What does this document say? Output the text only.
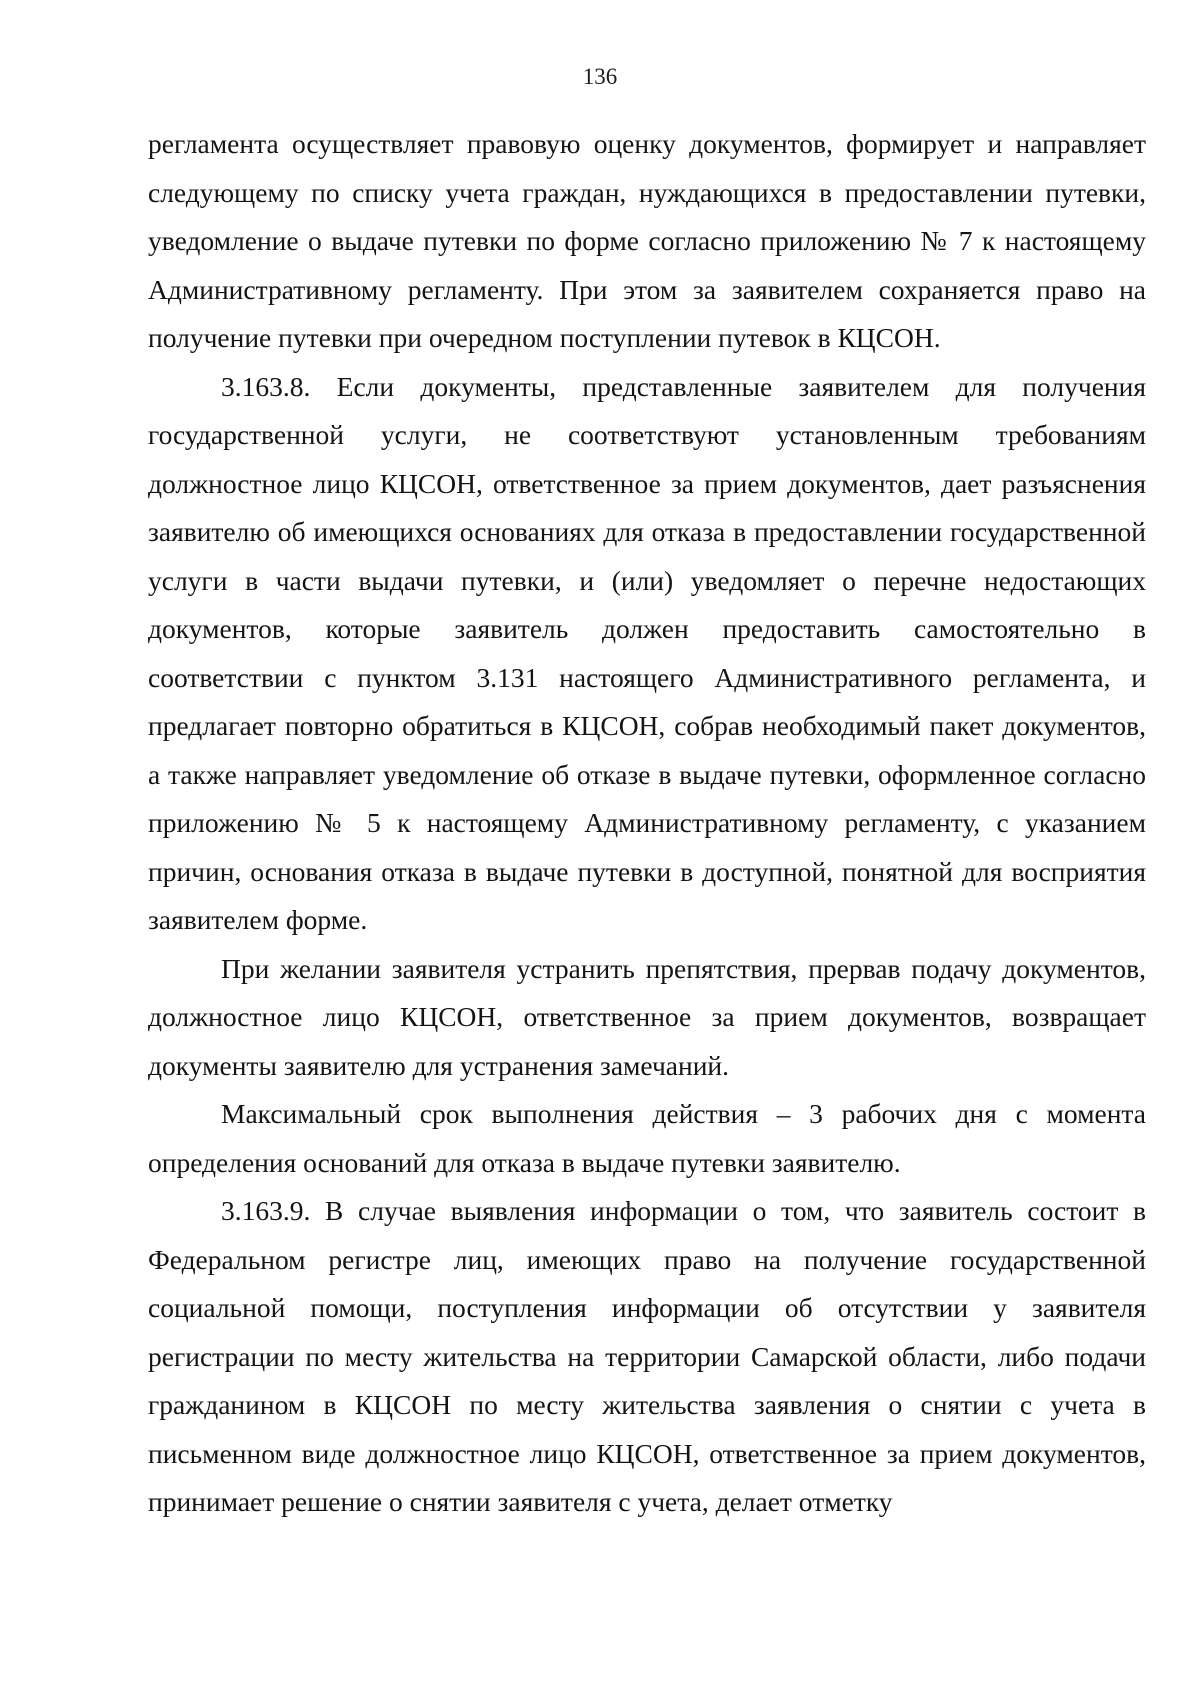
136

регламента осуществляет правовую оценку документов, формирует и направляет следующему по списку учета граждан, нуждающихся в предоставлении путевки, уведомление о выдаче путевки по форме согласно приложению № 7 к настоящему Административному регламенту. При этом за заявителем сохраняется право на получение путевки при очередном поступлении путевок в КЦСОН.

3.163.8. Если документы, представленные заявителем для получения государственной услуги, не соответствуют установленным требованиям должностное лицо КЦСОН, ответственное за прием документов, дает разъяснения заявителю об имеющихся основаниях для отказа в предоставлении государственной услуги в части выдачи путевки, и (или) уведомляет о перечне недостающих документов, которые заявитель должен предоставить самостоятельно в соответствии с пунктом 3.131 настоящего Административного регламента, и предлагает повторно обратиться в КЦСОН, собрав необходимый пакет документов, а также направляет уведомление об отказе в выдаче путевки, оформленное согласно приложению № 5 к настоящему Административному регламенту, с указанием причин, основания отказа в выдаче путевки в доступной, понятной для восприятия заявителем форме.

При желании заявителя устранить препятствия, прервав подачу документов, должностное лицо КЦСОН, ответственное за прием документов, возвращает документы заявителю для устранения замечаний.

Максимальный срок выполнения действия – 3 рабочих дня с момента определения оснований для отказа в выдаче путевки заявителю.

3.163.9. В случае выявления информации о том, что заявитель состоит в Федеральном регистре лиц, имеющих право на получение государственной социальной помощи, поступления информации об отсутствии у заявителя регистрации по месту жительства на территории Самарской области, либо подачи гражданином в КЦСОН по месту жительства заявления о снятии с учета в письменном виде должностное лицо КЦСОН, ответственное за прием документов, принимает решение о снятии заявителя с учета, делает отметку
